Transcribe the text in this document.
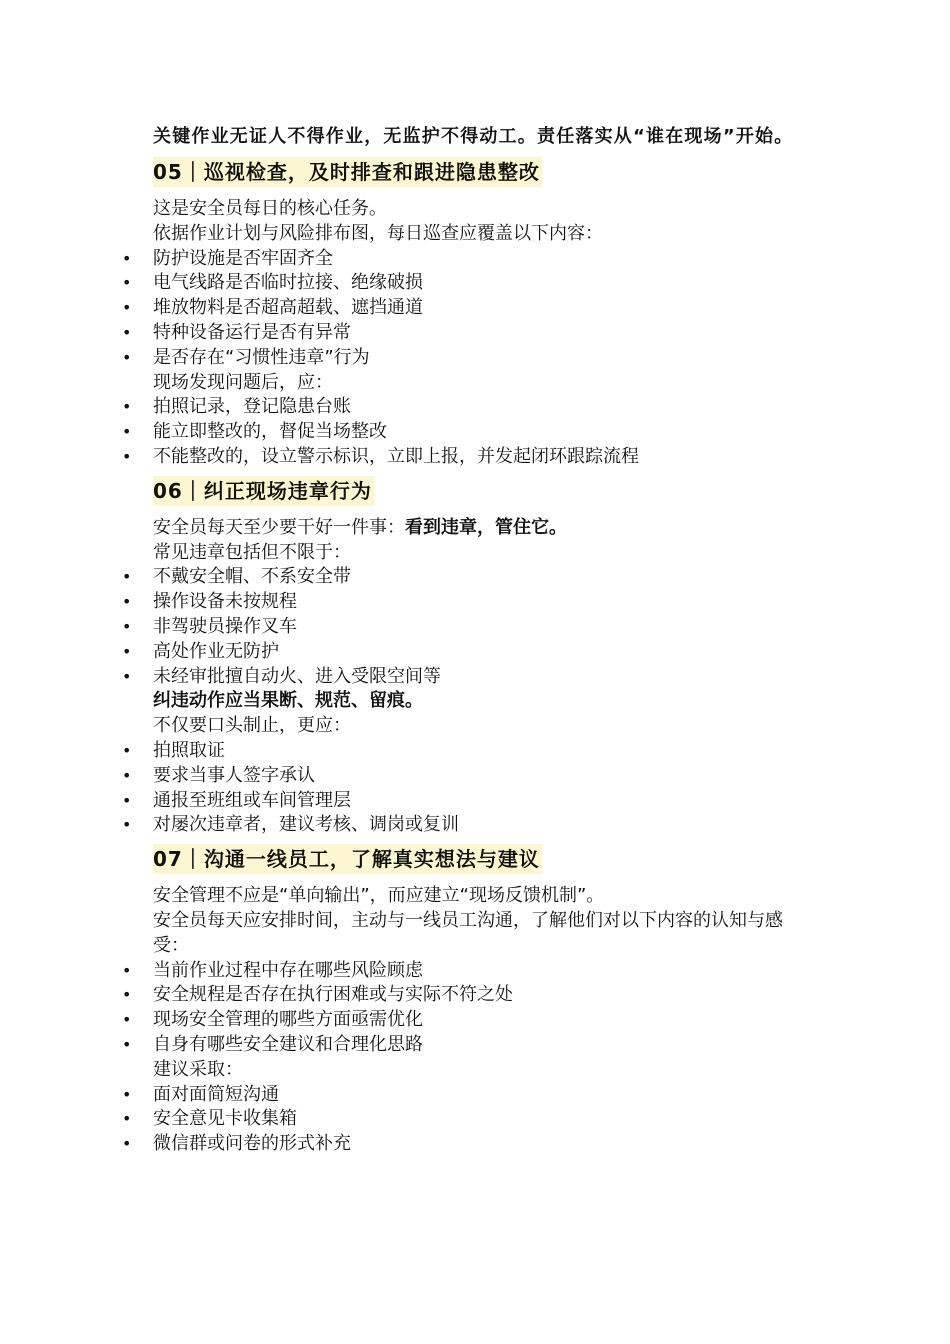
关键作业无证人不得作业，无监护不得动工。责任落实从“谁在现场”开始。
05｜巡视检查，及时排查和跟进隐患整改
这是安全员每日的核心任务。
依据作业计划与风险排布图，每日巡查应覆盖以下内容：
• 防护设施是否牢固齐全
• 电气线路是否临时拉接、绝缘破损
• 堆放物料是否超高超载、遮挡通道
• 特种设备运行是否有异常
• 是否存在“习惯性违章”行为
现场发现问题后，应：
• 拍照记录，登记隐患台账
• 能立即整改的，督促当场整改
• 不能整改的，设立警示标识，立即上报，并发起闭环跟踪流程
06｜纠正现场违章行为
安全员每天至少要干好一件事：看到违章，管住它。
常见违章包括但不限于：
• 不戴安全帽、不系安全带
• 操作设备未按规程
• 非驾驶员操作叉车
• 高处作业无防护
• 未经审批擅自动火、进入受限空间等
纠违动作应当果断、规范、留痕。
不仅要口头制止，更应：
• 拍照取证
• 要求当事人签字承认
• 通报至班组或车间管理层
• 对屡次违章者，建议考核、调岗或复训
07｜沟通一线员工，了解真实想法与建议
安全管理不应是“单向输出”，而应建立“现场反馈机制”。
安全员每天应安排时间，主动与一线员工沟通，了解他们对以下内容的认知与感受：
• 当前作业过程中存在哪些风险顾虑
• 安全规程是否存在执行困难或与实际不符之处
• 现场安全管理的哪些方面亟需优化
• 自身有哪些安全建议和合理化思路
建议采取：
• 面对面简短沟通
• 安全意见卡收集箱
• 微信群或问卷的形式补充
